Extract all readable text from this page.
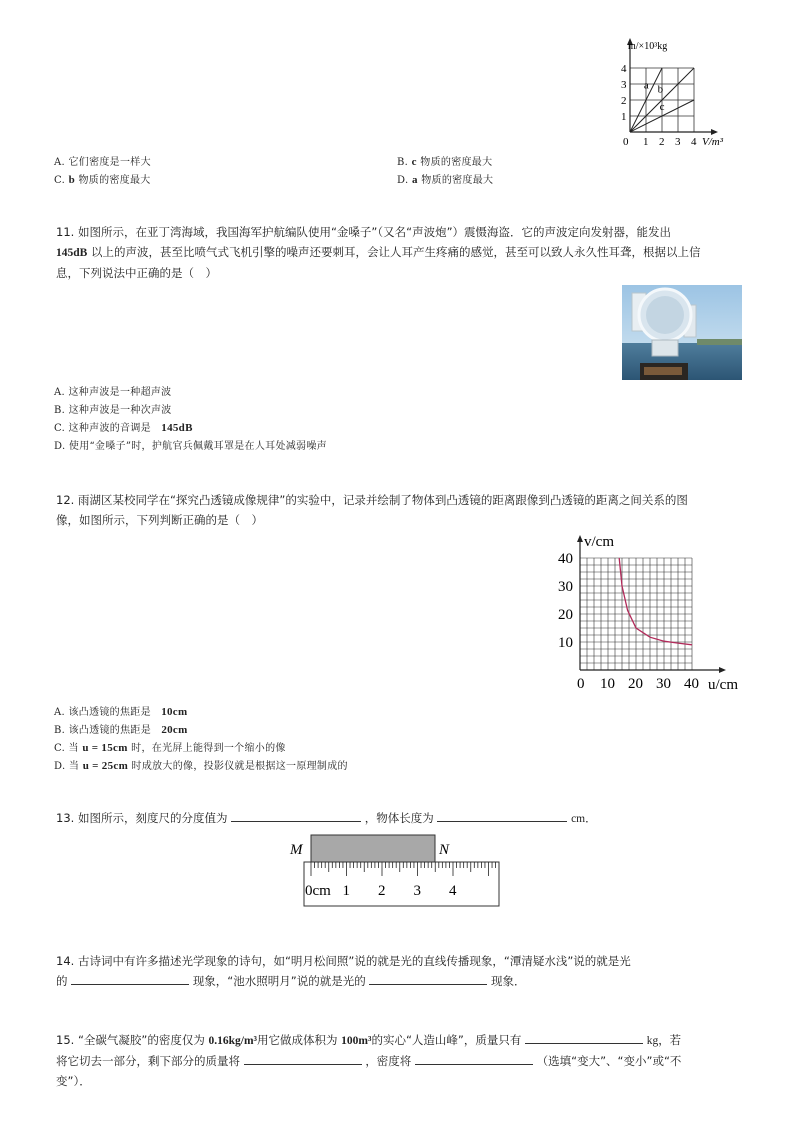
a b
c
0 1 2 3 4
1
2
3
4
V/m³
m/×10³kg
A. 它们密度是一样大	B. c 物质的密度最大
C. b 物质的密度最大	D. a 物质的密度最大
11. 如图所示，在亚丁湾海域，我国海军护航编队使用“金嗓子”（又名“声波炮”）震慑海盗．它的声波定向发射器，能发出
145dB 以上的声波，甚至比喷气式飞机引擎的噪声还要刺耳，会让人耳产生疼痛的感觉，甚至可以致人永久性耳聋，根据以上信
息，下列说法中正确的是（　）
A. 这种声波是一种超声波
B. 这种声波是一种次声波
C. 这种声波的音调是　 145dB
D. 使用“金嗓子”时，护航官兵佩戴耳罩是在人耳处减弱噪声
12. 雨湖区某校同学在“探究凸透镜成像规律”的实验中，记录并绘制了物体到凸透镜的距离跟像到凸透镜的距离之间关系的图
像，如图所示，下列判断正确的是（　）
0 10 20 30 40
10
20
30
40
u/cm
v/cm
A. 该凸透镜的焦距是　 10cm
B. 该凸透镜的焦距是　 20cm
C. 当 u = 15cm 时，在光屏上能得到一个缩小的像
D. 当 u = 25cm 时成放大的像，投影仪就是根据这一原理制成的
13. 如图所示，刻度尺的分度值为	，物体长度为	cm．
M	N
0cm 1 2 3 4
14. 古诗词中有许多描述光学现象的诗句，如“明月松间照”说的就是光的直线传播现象，“潭清疑水浅”说的就是光
的	现象，“池水照明月”说的就是光的	现象．
15. “全碳气凝胶”的密度仅为 0.16kg/m³用它做成体积为 100m³的实心“人造山峰”，质量只有	kg，若
将它切去一部分，剩下部分的质量将	，密度将	（选填“变大”、“变小”或“不
变”）．
